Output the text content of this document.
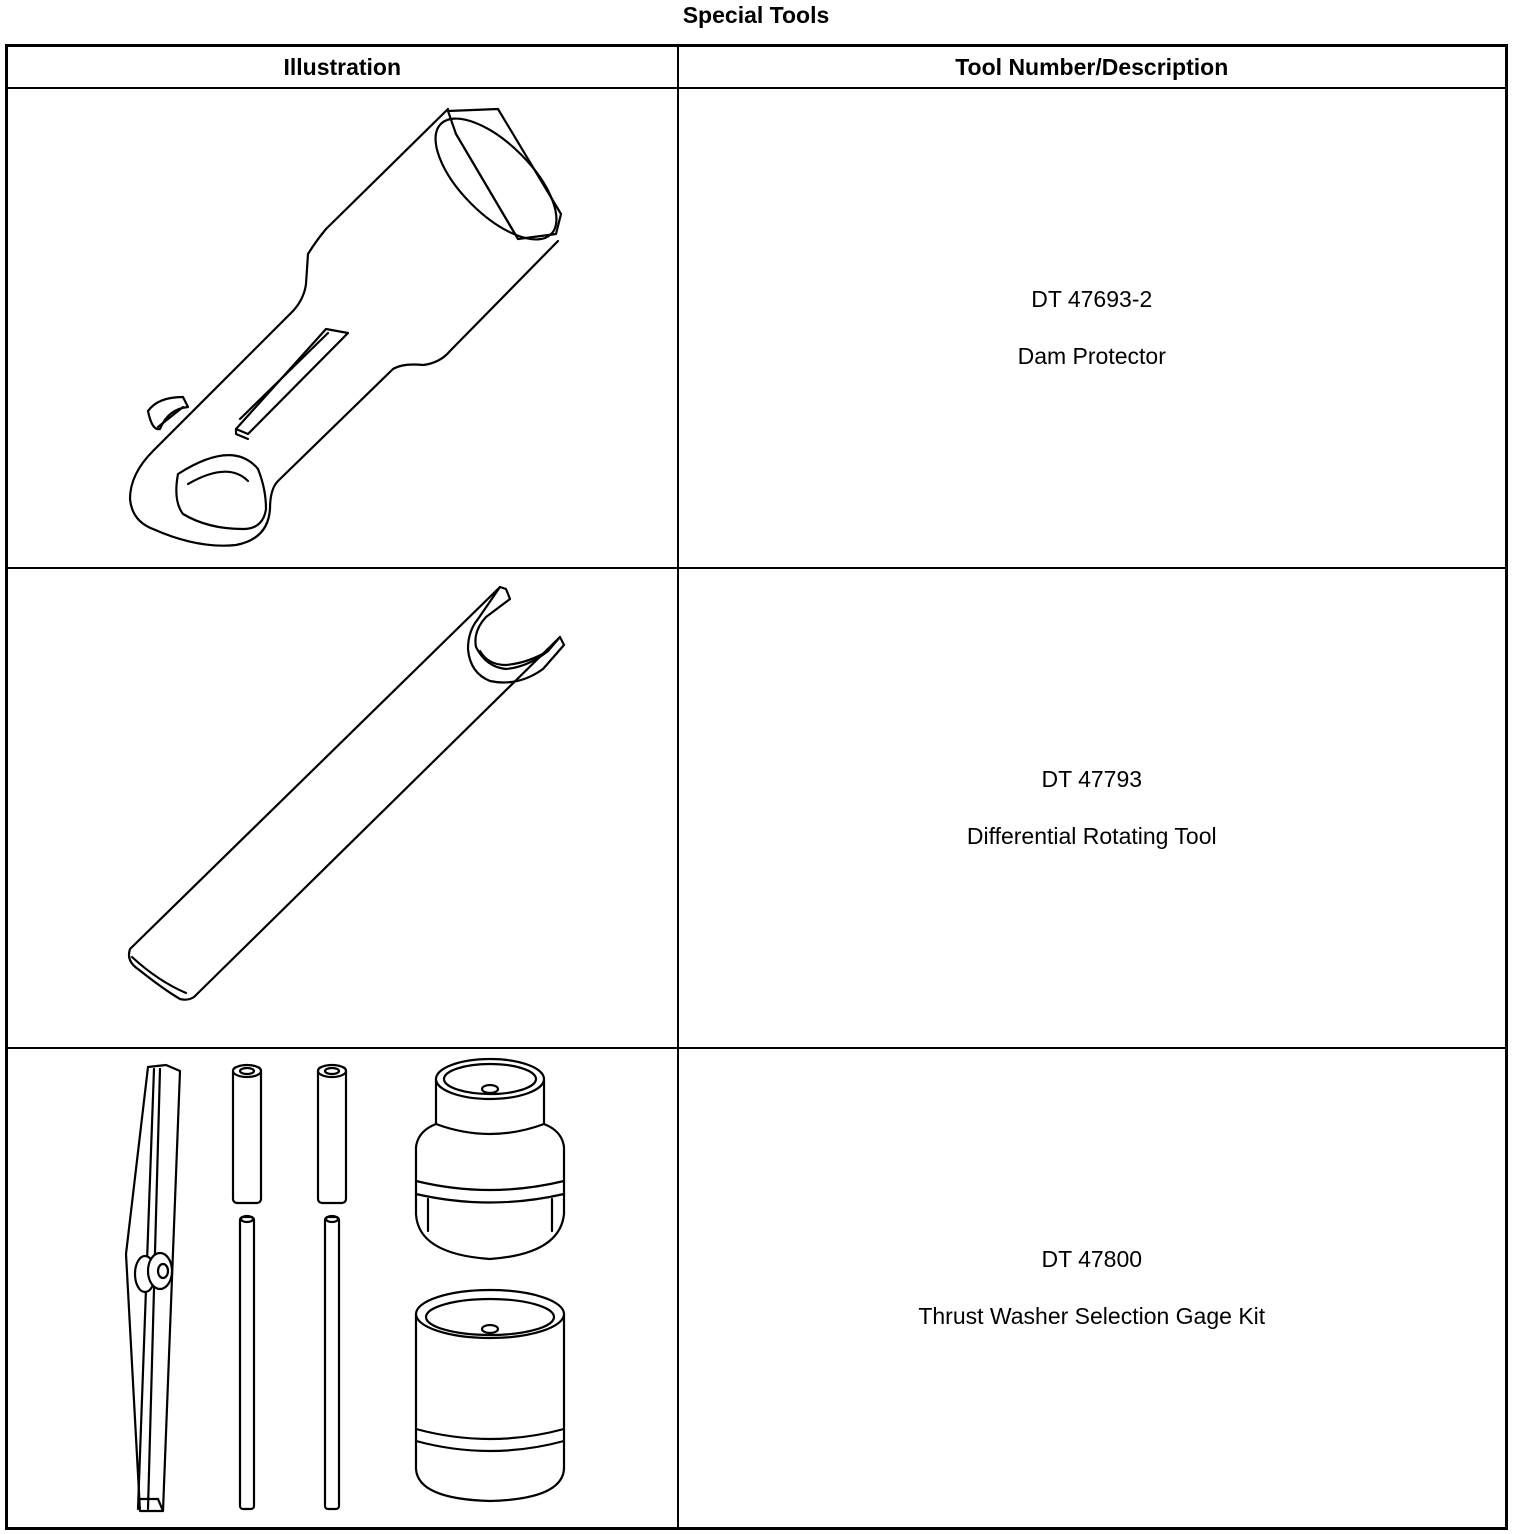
Special Tools
Illustration	Tool Number/Description

DT 47693-2
Dam Protector

DT 47793
Differential Rotating Tool

DT 47800
Thrust Washer Selection Gage Kit
